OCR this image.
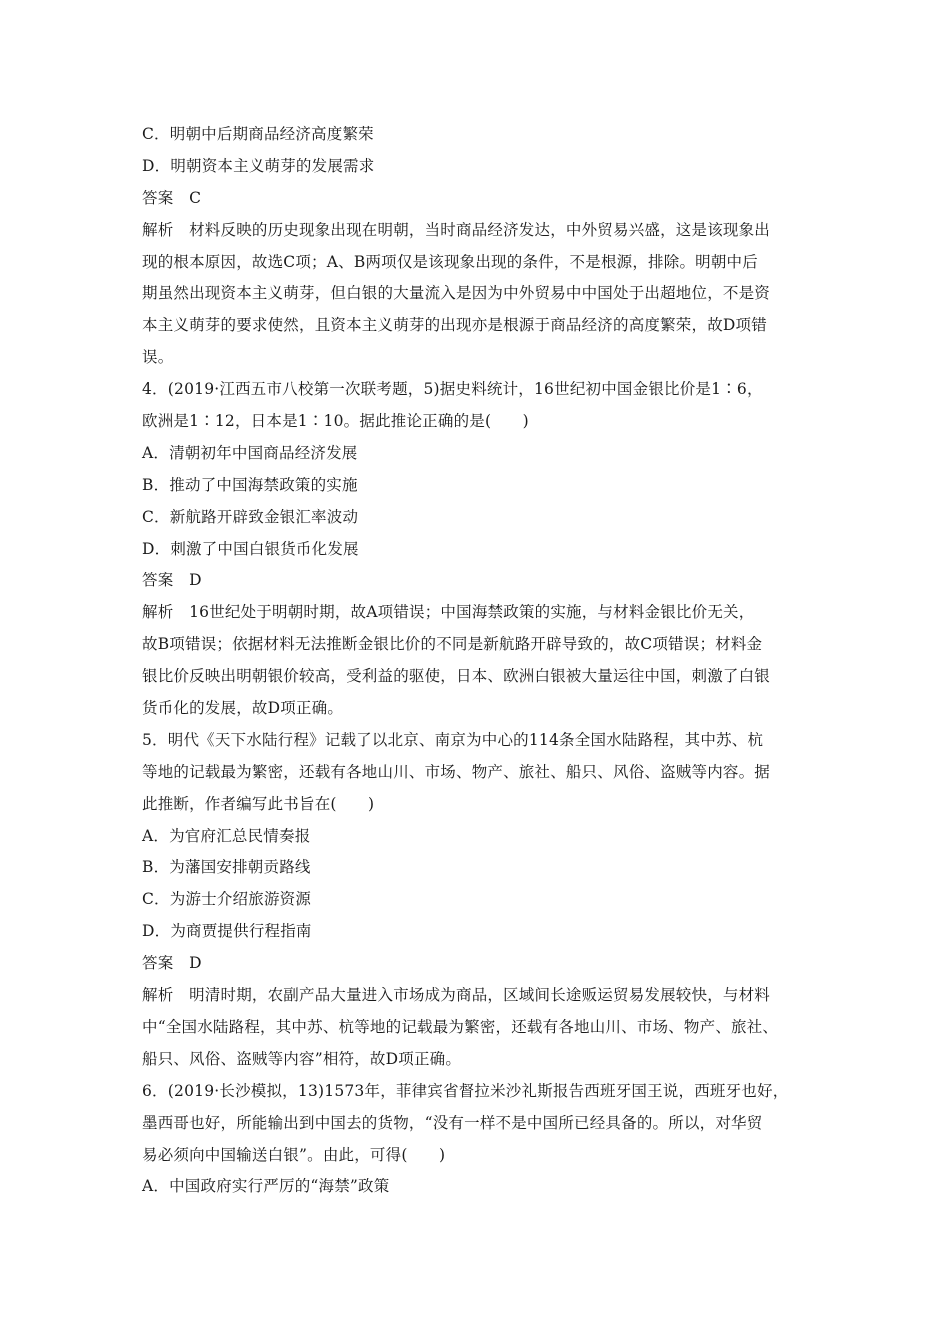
C．明朝中后期商品经济高度繁荣
D．明朝资本主义萌芽的发展需求
答案　C
解析　材料反映的历史现象出现在明朝，当时商品经济发达，中外贸易兴盛，这是该现象出
现的根本原因，故选C项；A、B两项仅是该现象出现的条件，不是根源，排除。明朝中后
期虽然出现资本主义萌芽，但白银的大量流入是因为中外贸易中中国处于出超地位，不是资
本主义萌芽的要求使然，且资本主义萌芽的出现亦是根源于商品经济的高度繁荣，故D项错
误。
4．(2019·江西五市八校第一次联考题，5)据史料统计，16世纪初中国金银比价是1∶6，
欧洲是1∶12，日本是1∶10。据此推论正确的是(　　)
A．清朝初年中国商品经济发展
B．推动了中国海禁政策的实施
C．新航路开辟致金银汇率波动
D．刺激了中国白银货币化发展
答案　D
解析　16世纪处于明朝时期，故A项错误；中国海禁政策的实施，与材料金银比价无关，
故B项错误；依据材料无法推断金银比价的不同是新航路开辟导致的，故C项错误；材料金
银比价反映出明朝银价较高，受利益的驱使，日本、欧洲白银被大量运往中国，刺激了白银
货币化的发展，故D项正确。
5．明代《天下水陆行程》记载了以北京、南京为中心的114条全国水陆路程，其中苏、杭
等地的记载最为繁密，还载有各地山川、市场、物产、旅社、船只、风俗、盗贼等内容。据
此推断，作者编写此书旨在(　　)
A．为官府汇总民情奏报
B．为藩国安排朝贡路线
C．为游士介绍旅游资源
D．为商贾提供行程指南
答案　D
解析　明清时期，农副产品大量进入市场成为商品，区域间长途贩运贸易发展较快，与材料
中“全国水陆路程，其中苏、杭等地的记载最为繁密，还载有各地山川、市场、物产、旅社、
船只、风俗、盗贼等内容”相符，故D项正确。
6．(2019·长沙模拟，13)1573年，菲律宾省督拉米沙礼斯报告西班牙国王说，西班牙也好，
墨西哥也好，所能输出到中国去的货物，“没有一样不是中国所已经具备的。所以，对华贸
易必须向中国输送白银”。由此，可得(　　)
A．中国政府实行严厉的“海禁”政策
